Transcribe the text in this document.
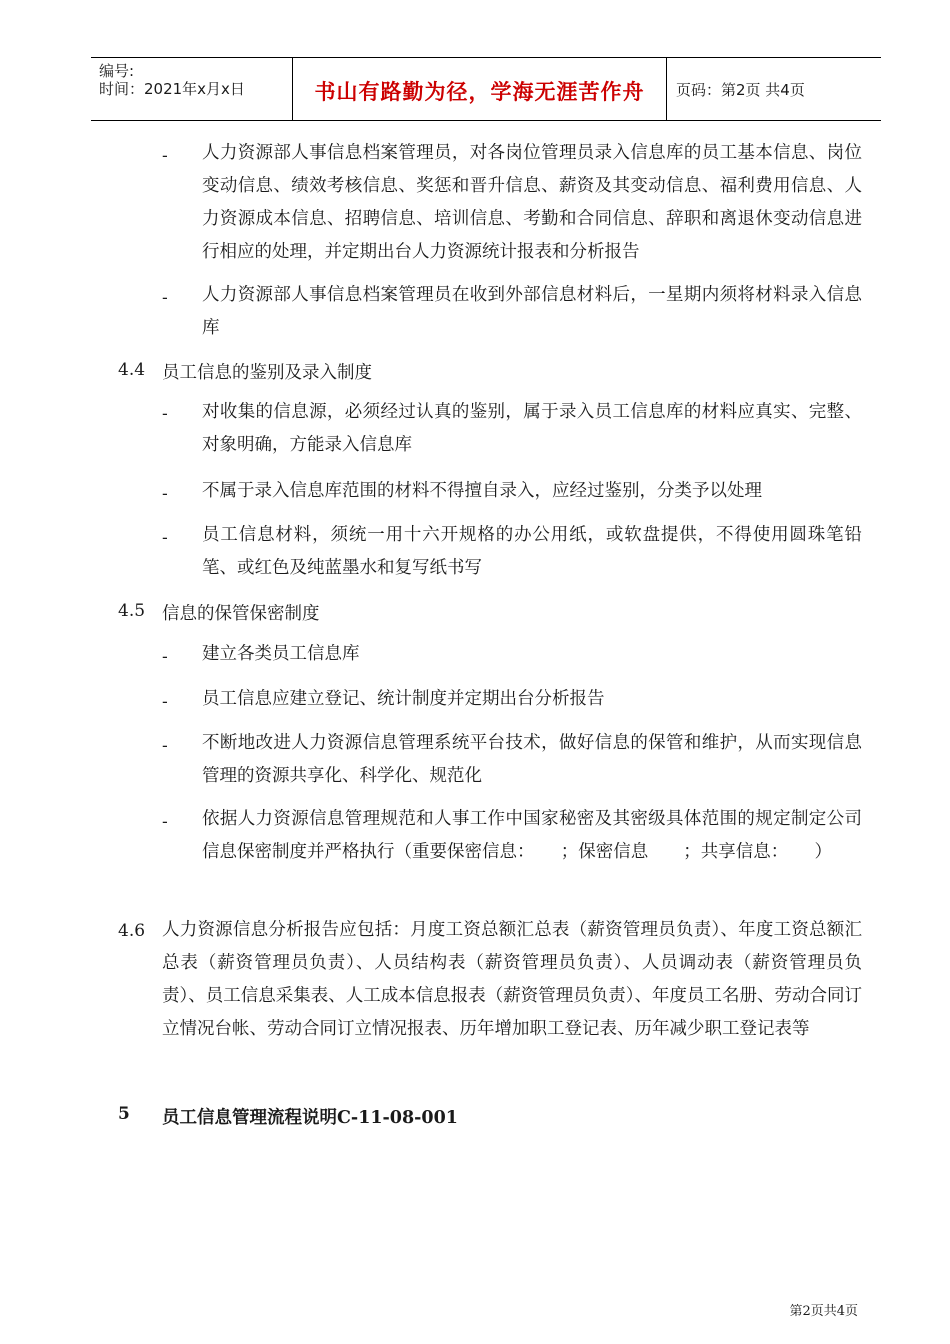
编号:
时间：2021年x月x日	书山有路勤为径，学海无涯苦作舟	页码：第2页 共4页
- 人力资源部人事信息档案管理员，对各岗位管理员录入信息库的员工基本信息、岗位变动信息、绩效考核信息、奖惩和晋升信息、薪资及其变动信息、福利费用信息、人力资源成本信息、招聘信息、培训信息、考勤和合同信息、辞职和离退休变动信息进行相应的处理，并定期出台人力资源统计报表和分析报告
- 人力资源部人事信息档案管理员在收到外部信息材料后，一星期内须将材料录入信息库
4.4 员工信息的鉴别及录入制度
- 对收集的信息源，必须经过认真的鉴别，属于录入员工信息库的材料应真实、完整、对象明确，方能录入信息库
- 不属于录入信息库范围的材料不得擅自录入，应经过鉴别，分类予以处理
- 员工信息材料，须统一用十六开规格的办公用纸，或软盘提供，不得使用圆珠笔铅笔、或红色及纯蓝墨水和复写纸书写
4.5 信息的保管保密制度
- 建立各类员工信息库
- 员工信息应建立登记、统计制度并定期出台分析报告
- 不断地改进人力资源信息管理系统平台技术，做好信息的保管和维护，从而实现信息管理的资源共享化、科学化、规范化
- 依据人力资源信息管理规范和人事工作中国家秘密及其密级具体范围的规定制定公司信息保密制度并严格执行（重要保密信息：　　；保密信息　　；共享信息：　　）
4.6 人力资源信息分析报告应包括：月度工资总额汇总表（薪资管理员负责）、年度工资总额汇总表（薪资管理员负责）、人员结构表（薪资管理员负责）、人员调动表（薪资管理员负责）、员工信息采集表、人工成本信息报表（薪资管理员负责）、年度员工名册、劳动合同订立情况台帐、劳动合同订立情况报表、历年增加职工登记表、历年减少职工登记表等
5 员工信息管理流程说明C-11-08-001
第2页共4页
